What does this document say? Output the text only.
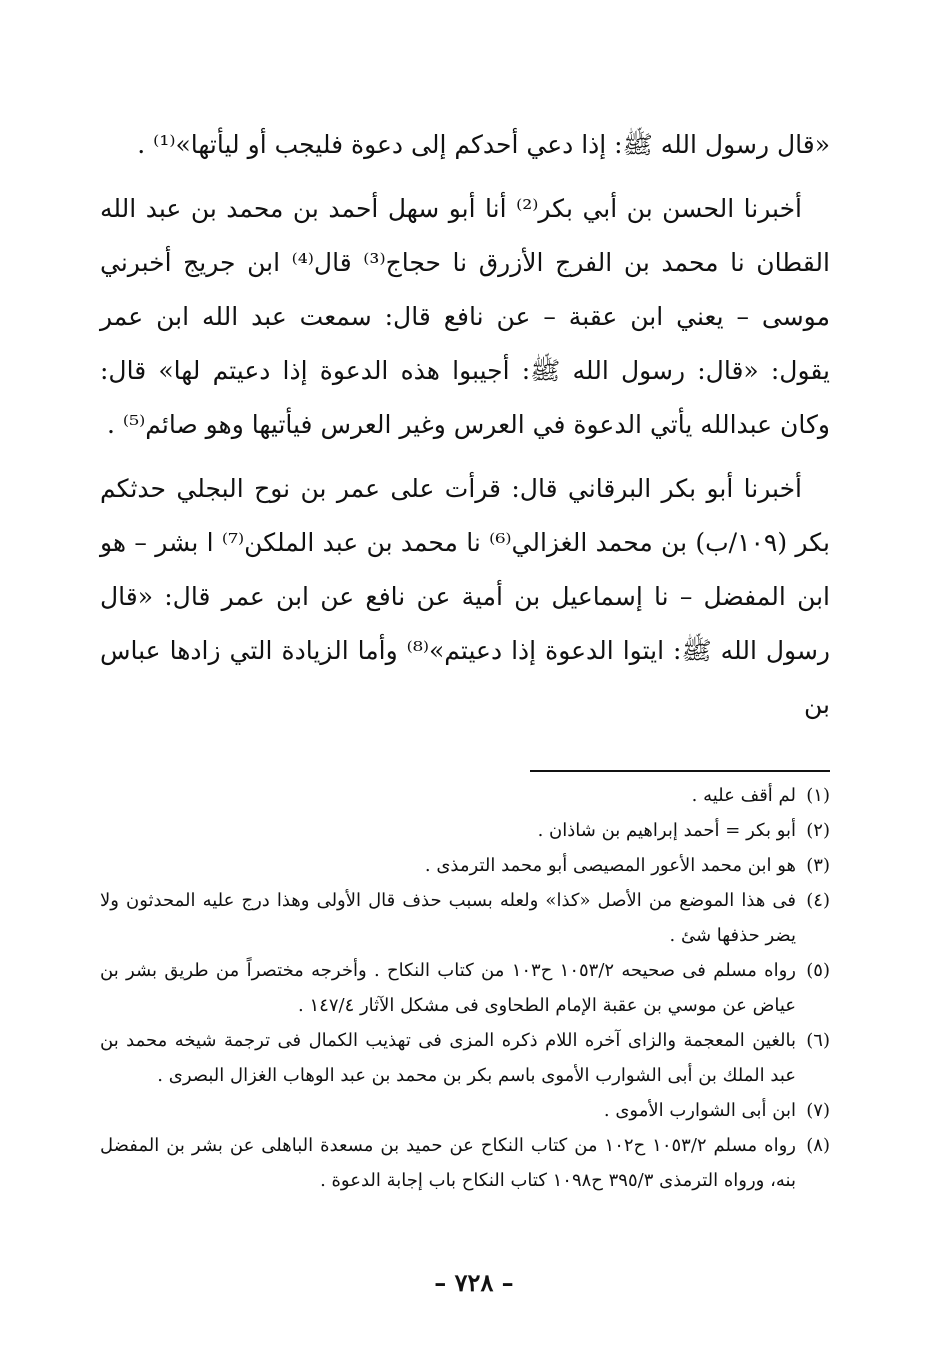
«قال رسول الله ﷺ: إذا دعي أحدكم إلى دعوة فليجب أو ليأتها»⁽¹⁾ .

أخبرنا الحسن بن أبي بكر⁽²⁾ أنا أبو سهل أحمد بن محمد بن عبد الله القطان نا محمد بن الفرج الأزرق نا حجاج⁽³⁾ قال⁽⁴⁾ ابن جريج أخبرني موسى – يعني ابن عقبة – عن نافع قال: سمعت عبد الله ابن عمر يقول: «قال: رسول الله ﷺ: أجيبوا هذه الدعوة إذا دعيتم لها» قال: وكان عبدالله يأتي الدعوة في العرس وغير العرس فيأتيها وهو صائم⁽⁵⁾ .

أخبرنا أبو بكر البرقاني قال: قرأت على عمر بن نوح البجلي حدثكم بكر (١٠٩/ب) بن محمد الغزالي⁽⁶⁾ نا محمد بن عبد الملكن⁽⁷⁾ ا بشر – هو ابن المفضل – نا إسماعيل بن أمية عن نافع عن ابن عمر قال: «قال رسول الله ﷺ: ايتوا الدعوة إذا دعيتم»⁽⁸⁾ وأما الزيادة التي زادها عباس بن

(١)
لم أقف عليه .
(٢)
أبو بكر = أحمد إبراهيم بن شاذان .
(٣)
هو ابن محمد الأعور المصيصى أبو محمد الترمذى .
(٤)
فى هذا الموضع من الأصل «كذا» ولعله بسبب حذف قال الأولى وهذا درج عليه المحدثون ولا يضر حذفها شئ .
(٥)
رواه مسلم فى صحيحه ١٠٥٣/٢ ح١٠٣ من كتاب النكاح . وأخرجه مختصراً من طريق بشر بن عياض عن موسي بن عقبة الإمام الطحاوى فى مشكل الآثار ١٤٧/٤ .
(٦)
بالغين المعجمة والزاى آخره اللام ذكره المزى فى تهذيب الكمال فى ترجمة شيخه محمد بن عبد الملك بن أبى الشوارب الأموى باسم بكر بن محمد بن عبد الوهاب الغزال البصرى .
(٧)
ابن أبى الشوارب الأموى .
(٨)
رواه مسلم ١٠٥٣/٢ ح١٠٢ من كتاب النكاح عن حميد بن مسعدة الباهلى عن بشر بن المفضل بنه، ورواه الترمذى ٣٩٥/٣ ح١٠٩٨ كتاب النكاح باب إجابة الدعوة .
– ٧٢٨ –
